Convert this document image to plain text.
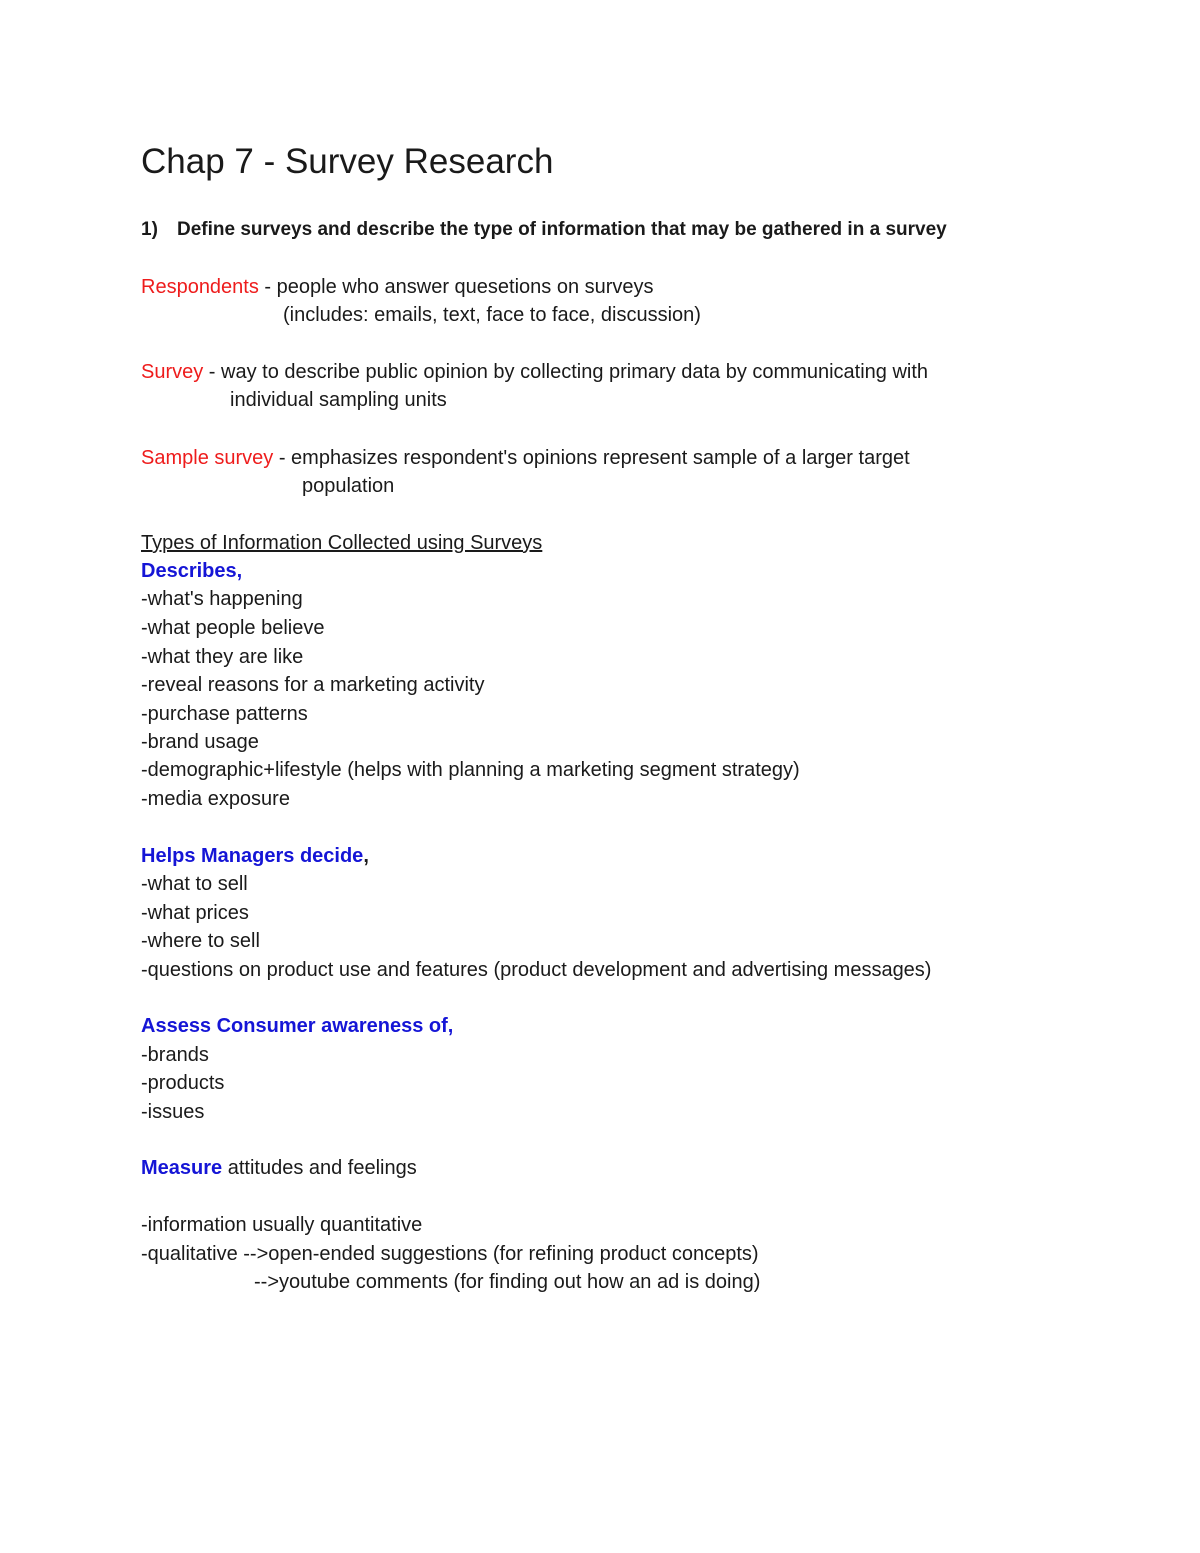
Chap 7 - Survey Research
1) Define surveys and describe the type of information that may be gathered in a survey
Respondents - people who answer quesetions on surveys
(includes: emails, text, face to face, discussion)
Survey - way to describe public opinion by collecting primary data by communicating with
individual sampling units
Sample survey - emphasizes respondent's opinions represent sample of a larger target
population
Types of Information Collected using Surveys
Describes,
-what's happening
-what people believe
-what they are like
-reveal reasons for a marketing activity
-purchase patterns
-brand usage
-demographic+lifestyle (helps with planning a marketing segment strategy)
-media exposure
Helps Managers decide,
-what to sell
-what prices
-where to sell
-questions on product use and features (product development and advertising messages)
Assess Consumer awareness of,
-brands
-products
-issues
Measure attitudes and feelings
-information usually quantitative
-qualitative -->open-ended suggestions (for refining product concepts)
-->youtube comments (for finding out how an ad is doing)
